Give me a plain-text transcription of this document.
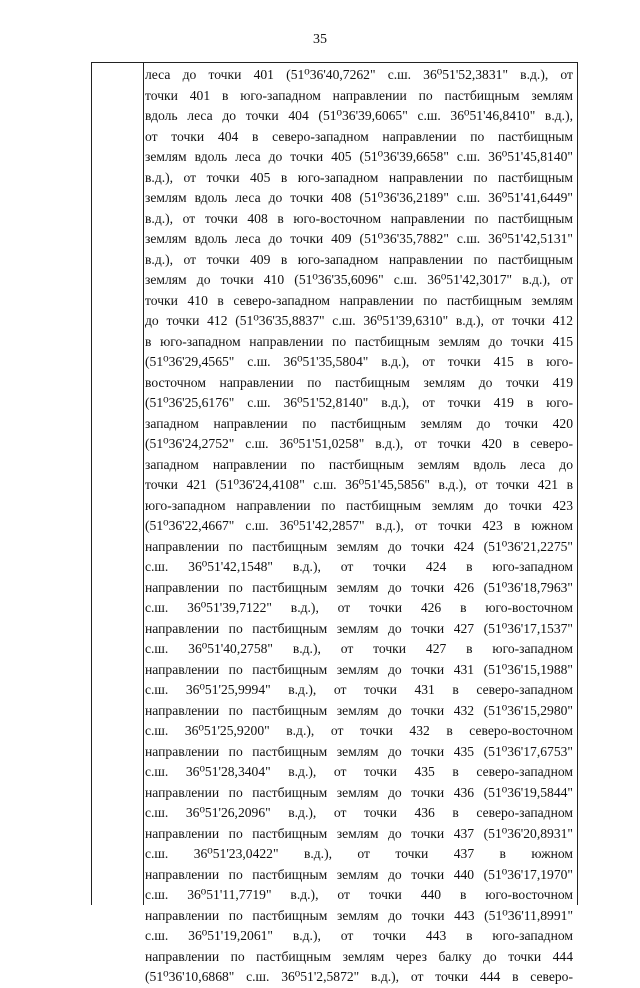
35
леса до точки 401 (51⁰36'40,7262" с.ш. 36⁰51'52,3831" в.д.), от
точки 401 в юго-западном направлении по пастбищным землям
вдоль леса до точки 404 (51⁰36'39,6065" с.ш. 36⁰51'46,8410" в.д.),
от точки 404 в северо-западном направлении по пастбищным
землям вдоль леса до точки 405 (51⁰36'39,6658" с.ш. 36⁰51'45,8140"
в.д.), от точки 405 в юго-западном направлении по пастбищным
землям вдоль леса до точки 408 (51⁰36'36,2189" с.ш. 36⁰51'41,6449"
в.д.), от точки 408 в юго-восточном направлении по пастбищным
землям вдоль леса до точки 409 (51⁰36'35,7882" с.ш. 36⁰51'42,5131"
в.д.), от точки 409 в юго-западном направлении по пастбищным
землям до точки 410 (51⁰36'35,6096" с.ш. 36⁰51'42,3017" в.д.), от
точки 410 в северо-западном направлении по пастбищным землям
до точки 412 (51⁰36'35,8837" с.ш. 36⁰51'39,6310" в.д.), от точки 412
в юго-западном направлении по пастбищным землям до точки 415
(51⁰36'29,4565" с.ш. 36⁰51'35,5804" в.д.), от точки 415 в юго-
восточном направлении по пастбищным землям до точки 419
(51⁰36'25,6176" с.ш. 36⁰51'52,8140" в.д.), от точки 419 в юго-
западном направлении по пастбищным землям до точки 420
(51⁰36'24,2752" с.ш. 36⁰51'51,0258" в.д.), от точки 420 в северо-
западном направлении по пастбищным землям вдоль леса до
точки 421 (51⁰36'24,4108" с.ш. 36⁰51'45,5856" в.д.), от точки 421 в
юго-западном направлении по пастбищным землям до точки 423
(51⁰36'22,4667" с.ш. 36⁰51'42,2857" в.д.), от точки 423 в южном
направлении по пастбищным землям до точки 424 (51⁰36'21,2275"
с.ш. 36⁰51'42,1548" в.д.), от точки 424 в юго-западном
направлении по пастбищным землям до точки 426 (51⁰36'18,7963"
с.ш. 36⁰51'39,7122" в.д.), от точки 426 в юго-восточном
направлении по пастбищным землям до точки 427 (51⁰36'17,1537"
с.ш. 36⁰51'40,2758" в.д.), от точки 427 в юго-западном
направлении по пастбищным землям до точки 431 (51⁰36'15,1988"
с.ш. 36⁰51'25,9994" в.д.), от точки 431 в северо-западном
направлении по пастбищным землям до точки 432 (51⁰36'15,2980"
с.ш. 36⁰51'25,9200" в.д.), от точки 432 в северо-восточном
направлении по пастбищным землям до точки 435 (51⁰36'17,6753"
с.ш. 36⁰51'28,3404" в.д.), от точки 435 в северо-западном
направлении по пастбищным землям до точки 436 (51⁰36'19,5844"
с.ш. 36⁰51'26,2096" в.д.), от точки 436 в северо-западном
направлении по пастбищным землям до точки 437 (51⁰36'20,8931"
с.ш. 36⁰51'23,0422" в.д.), от точки 437 в южном
направлении по пастбищным землям до точки 440 (51⁰36'17,1970"
с.ш. 36⁰51'11,7719" в.д.), от точки 440 в юго-восточном
направлении по пастбищным землям до точки 443 (51⁰36'11,8991"
с.ш. 36⁰51'19,2061" в.д.), от точки 443 в юго-западном
направлении по пастбищным землям через балку до точки 444
(51⁰36'10,6868" с.ш. 36⁰51'2,5872" в.д.), от точки 444 в северо-
